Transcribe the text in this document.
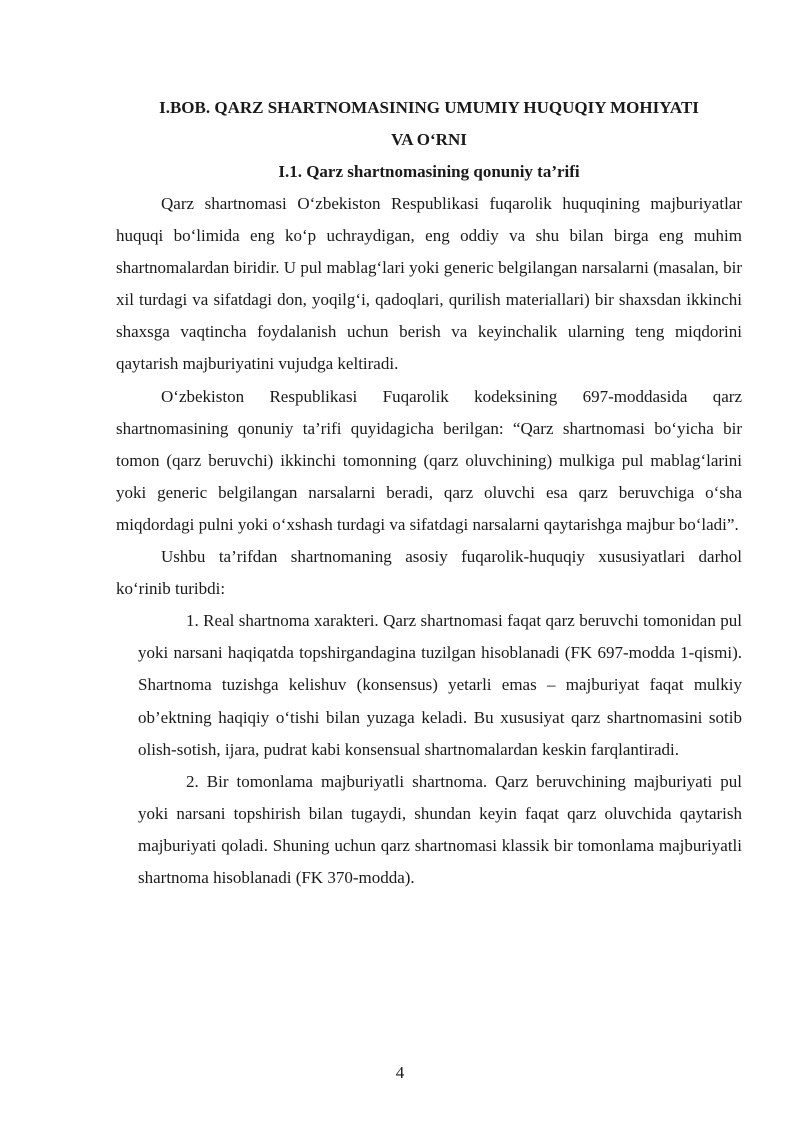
I.BOB. QARZ SHARTNOMASINING UMUMIY HUQUQIY MOHIYATI

VA O‘RNI

I.1. Qarz shartnomasining qonuniy ta’rifi

Qarz shartnomasi O‘zbekiston Respublikasi fuqarolik huquqining majburiyatlar huquqi bo‘limida eng ko‘p uchraydigan, eng oddiy va shu bilan birga eng muhim shartnomalardan biridir. U pul mablag‘lari yoki generic belgilangan narsalarni (masalan, bir xil turdagi va sifatdagi don, yoqilg‘i, qadoqlari, qurilish materiallari) bir shaxsdan ikkinchi shaxsga vaqtincha foydalanish uchun berish va keyinchalik ularning teng miqdorini qaytarish majburiyatini vujudga keltiradi.

O‘zbekiston Respublikasi Fuqarolik kodeksining 697-moddasida qarz shartnomasining qonuniy ta’rifi quyidagicha berilgan: “Qarz shartnomasi bo‘yicha bir tomon (qarz beruvchi) ikkinchi tomonning (qarz oluvchining) mulkiga pul mablag‘larini yoki generic belgilangan narsalarni beradi, qarz oluvchi esa qarz beruvchiga o‘sha miqdordagi pulni yoki o‘xshash turdagi va sifatdagi narsalarni qaytarishga majbur bo‘ladi”.

Ushbu ta’rifdan shartnomaning asosiy fuqarolik-huquqiy xususiyatlari darhol ko‘rinib turibdi:

1. Real shartnoma xarakteri. Qarz shartnomasi faqat qarz beruvchi tomonidan pul yoki narsani haqiqatda topshirgandagina tuzilgan hisoblanadi (FK 697-modda 1-qismi). Shartnoma tuzishga kelishuv (konsensus) yetarli emas – majburiyat faqat mulkiy ob’ektning haqiqiy o‘tishi bilan yuzaga keladi. Bu xususiyat qarz shartnomasini sotib olish-sotish, ijara, pudrat kabi konsensual shartnomalardan keskin farqlantiradi.

2. Bir tomonlama majburiyatli shartnoma. Qarz beruvchining majburiyati pul yoki narsani topshirish bilan tugaydi, shundan keyin faqat qarz oluvchida qaytarish majburiyati qoladi. Shuning uchun qarz shartnomasi klassik bir tomonlama majburiyatli shartnoma hisoblanadi (FK 370-modda).

4
